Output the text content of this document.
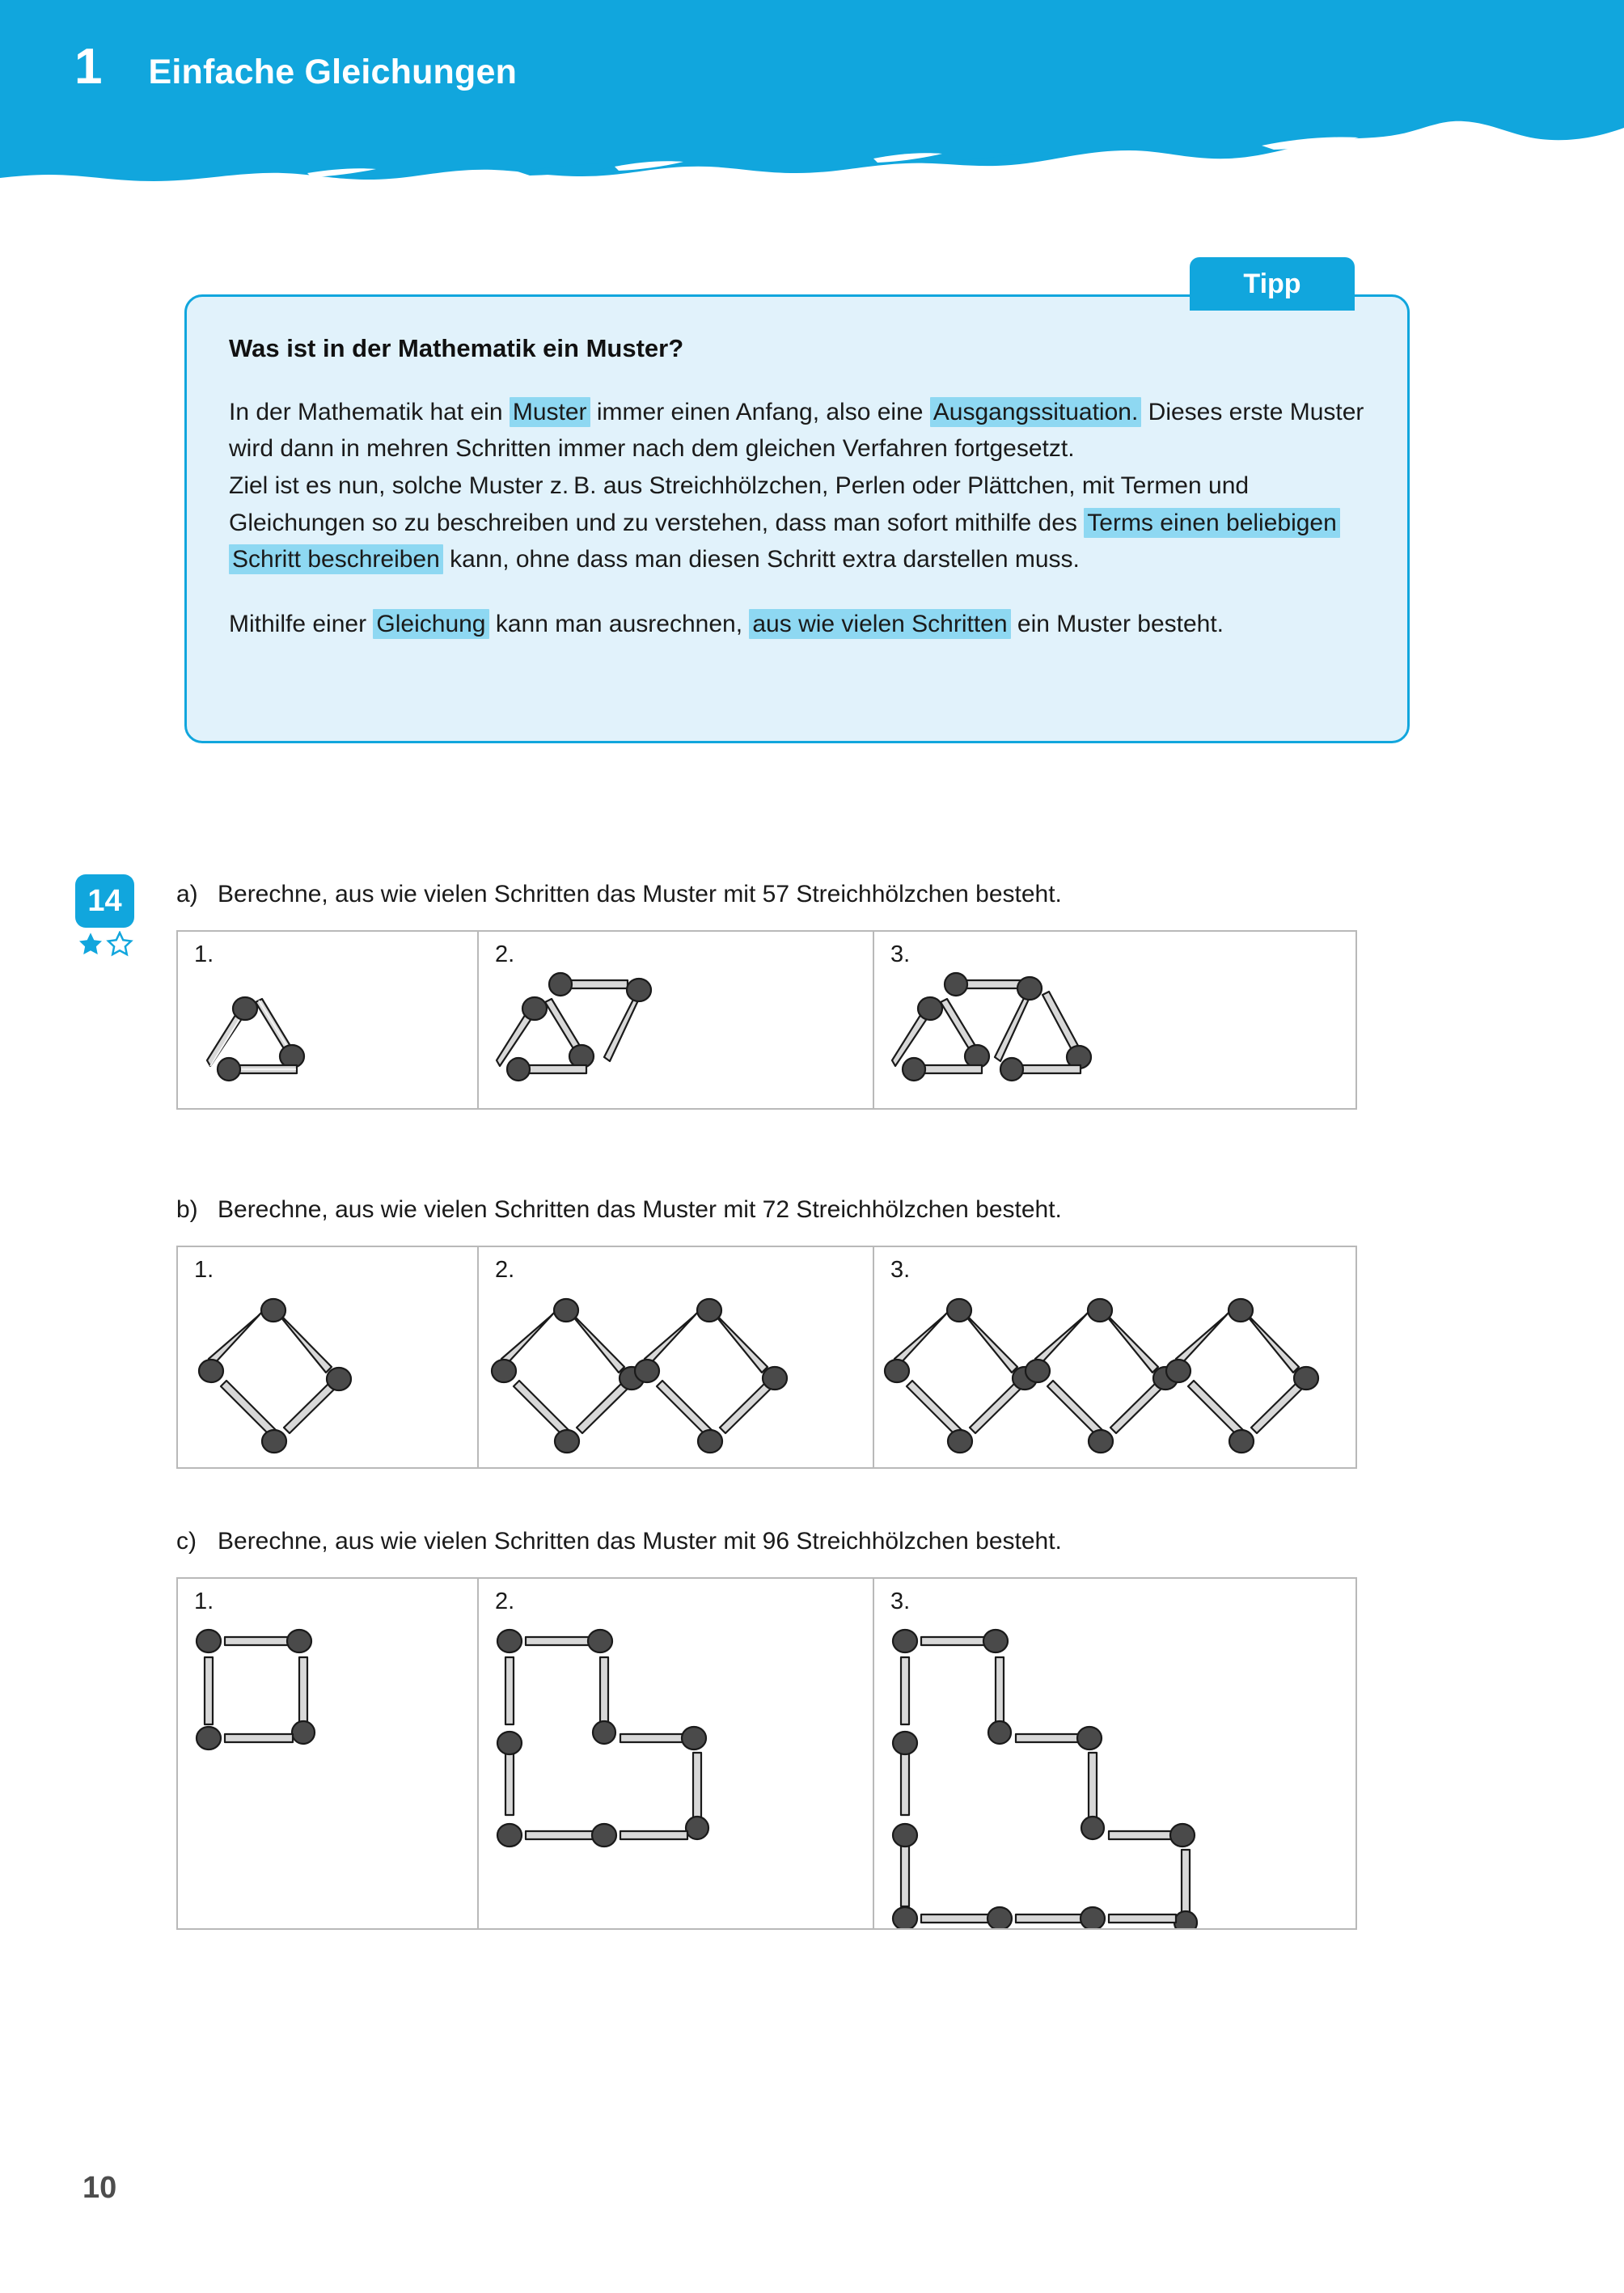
1 Einfache Gleichungen
Tipp

Was ist in der Mathematik ein Muster?

In der Mathematik hat ein Muster immer einen Anfang, also eine Ausgangssituation. Dieses erste Muster wird dann in mehren Schritten immer nach dem gleichen Verfahren fortgesetzt.
Ziel ist es nun, solche Muster z. B. aus Streichhölzchen, Perlen oder Plättchen, mit Termen und Gleichungen so zu beschreiben und zu verstehen, dass man sofort mithilfe des Terms einen beliebigen Schritt beschreiben kann, ohne dass man diesen Schritt extra darstellen muss.

Mithilfe einer Gleichung kann man ausrechnen, aus wie vielen Schritten ein Muster besteht.

14 a) Berechne, aus wie vielen Schritten das Muster mit 57 Streichhölzchen besteht.
1.	2.	3.
b) Berechne, aus wie vielen Schritten das Muster mit 72 Streichhölzchen besteht.
1.	2.	3.
c) Berechne, aus wie vielen Schritten das Muster mit 96 Streichhölzchen besteht.
1.	2.	3.
10
